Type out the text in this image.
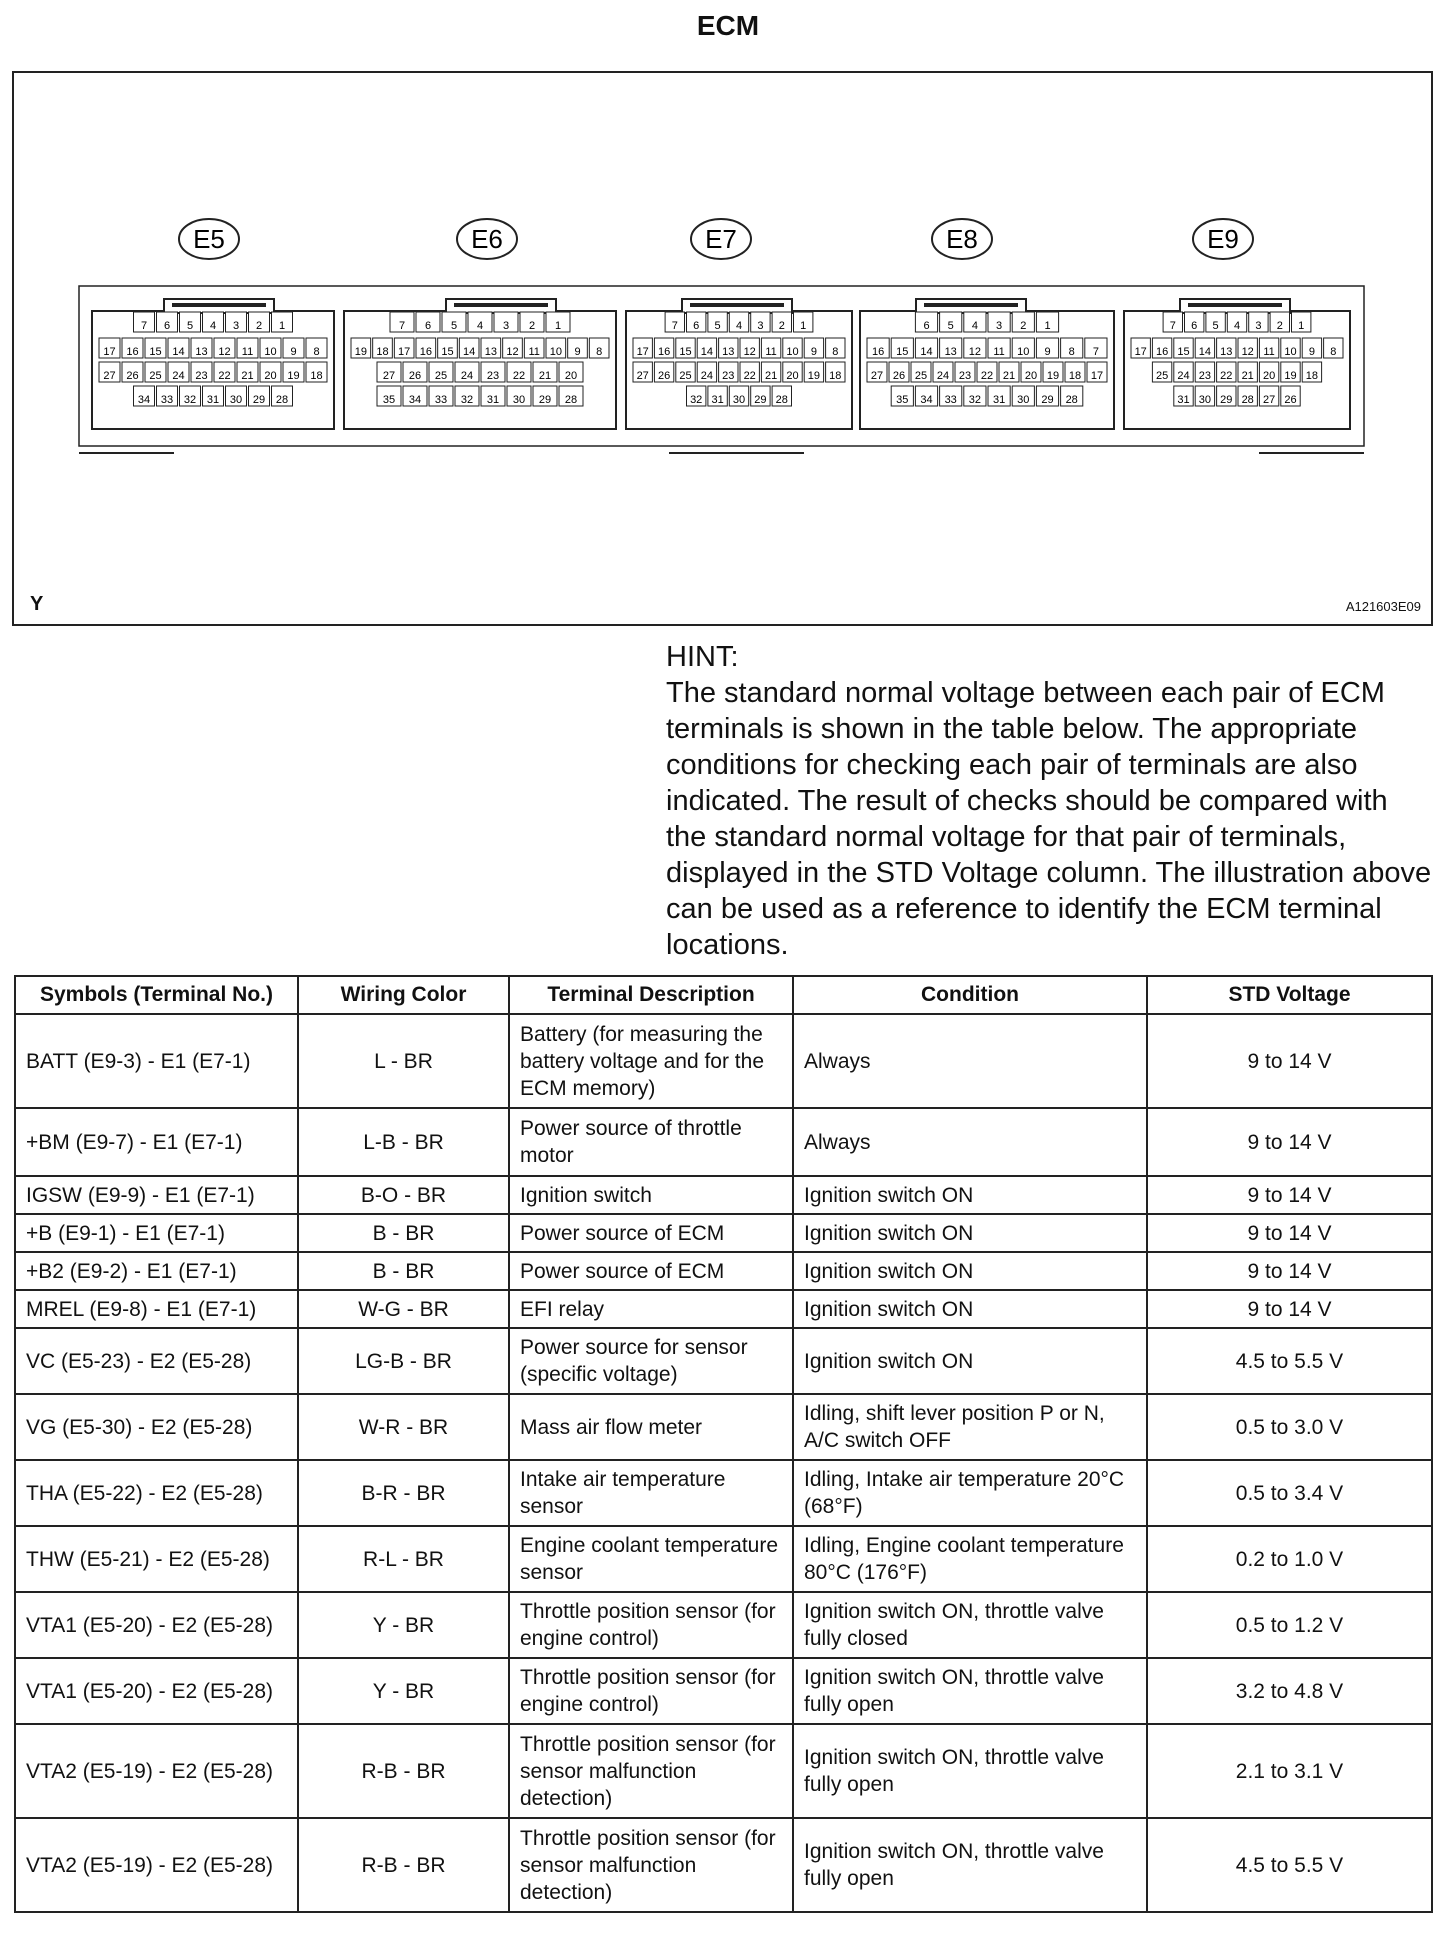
ECM
E5
7 6 5 4 3 2 1
17 16 15 14 13 12 11 10 9 8
27 26 25 24 23 22 21 20 19 18
34 33 32 31 30 29 28
E6
7 6 5 4 3 2 1
19 18 17 16 15 14 13 12 11 10 9 8
27 26 25 24 23 22 21 20
35 34 33 32 31 30 29 28
E7
7 6 5 4 3 2 1
17 16 15 14 13 12 11 10 9 8
27 26 25 24 23 22 21 20 19 18
32 31 30 29 28
E8
6 5 4 3 2 1
16 15 14 13 12 11 10 9 8 7
27 26 25 24 23 22 21 20 19 18 17
35 34 33 32 31 30 29 28
E9
7 6 5 4 3 2 1
17 16 15 14 13 12 11 10 9 8
25 24 23 22 21 20 19 18
31 30 29 28 27 26
Y	A121603E09
HINT:
The standard normal voltage between each pair of ECM terminals is shown in the table below. The appropriate conditions for checking each pair of terminals are also indicated. The result of checks should be compared with the standard normal voltage for that pair of terminals, displayed in the STD Voltage column. The illustration above can be used as a reference to identify the ECM terminal locations.
Symbols (Terminal No.)	Wiring Color	Terminal Description	Condition	STD Voltage
BATT (E9-3) - E1 (E7-1)	L - BR	Battery (for measuring the battery voltage and for the ECM memory)	Always	9 to 14 V
+BM (E9-7) - E1 (E7-1)	L-B - BR	Power source of throttle motor	Always	9 to 14 V
IGSW (E9-9) - E1 (E7-1)	B-O - BR	Ignition switch	Ignition switch ON	9 to 14 V
+B (E9-1) - E1 (E7-1)	B - BR	Power source of ECM	Ignition switch ON	9 to 14 V
+B2 (E9-2) - E1 (E7-1)	B - BR	Power source of ECM	Ignition switch ON	9 to 14 V
MREL (E9-8) - E1 (E7-1)	W-G - BR	EFI relay	Ignition switch ON	9 to 14 V
VC (E5-23) - E2 (E5-28)	LG-B - BR	Power source for sensor (specific voltage)	Ignition switch ON	4.5 to 5.5 V
VG (E5-30) - E2 (E5-28)	W-R - BR	Mass air flow meter	Idling, shift lever position P or N, A/C switch OFF	0.5 to 3.0 V
THA (E5-22) - E2 (E5-28)	B-R - BR	Intake air temperature sensor	Idling, Intake air temperature 20°C (68°F)	0.5 to 3.4 V
THW (E5-21) - E2 (E5-28)	R-L - BR	Engine coolant temperature sensor	Idling, Engine coolant temperature 80°C (176°F)	0.2 to 1.0 V
VTA1 (E5-20) - E2 (E5-28)	Y - BR	Throttle position sensor (for engine control)	Ignition switch ON, throttle valve fully closed	0.5 to 1.2 V
VTA1 (E5-20) - E2 (E5-28)	Y - BR	Throttle position sensor (for engine control)	Ignition switch ON, throttle valve fully open	3.2 to 4.8 V
VTA2 (E5-19) - E2 (E5-28)	R-B - BR	Throttle position sensor (for sensor malfunction detection)	Ignition switch ON, throttle valve fully open	2.1 to 3.1 V
VTA2 (E5-19) - E2 (E5-28)	R-B - BR	Throttle position sensor (for sensor malfunction detection)	Ignition switch ON, throttle valve fully open	4.5 to 5.5 V
